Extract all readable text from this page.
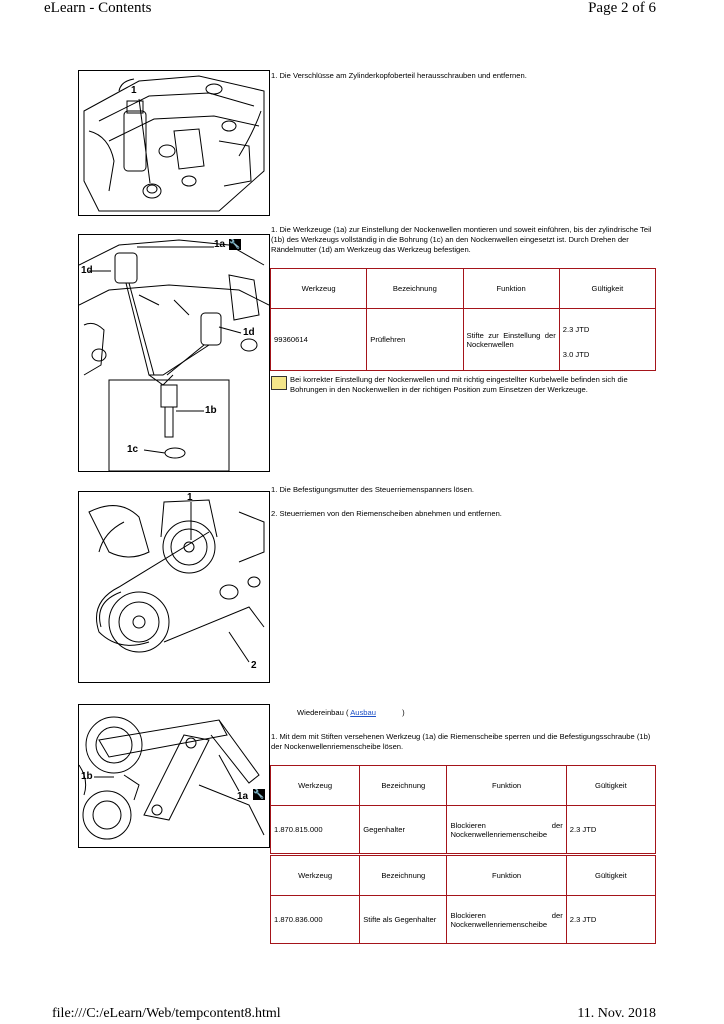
eLearn - Contents	Page 2 of 6
1
1. Die Verschlüsse am Zylinderkopfoberteil herausschrauben und entfernen.
1a 🔧
1d
1d
1b
1c
1. Die Werkzeuge (1a) zur Einstellung der Nockenwellen montieren und soweit einführen, bis der zylindrische Teil (1b) des Werkzeugs vollständig in die Bohrung (1c) an den Nockenwellen eingesetzt ist. Durch Drehen der Rändelmutter (1d) am Werkzeug das Werkzeug befestigen.
Werkzeug	Bezeichnung	Funktion	Gültigkeit
99360614	Prüflehren	Stifte zur Einstellung der Nockenwellen	2.3 JTD
3.0 JTD
Bei korrekter Einstellung der Nockenwellen und mit richtig eingestellter Kurbelwelle befinden sich die Bohrungen in den Nockenwellen in der richtigen Position zum Einsetzen der Werkzeuge.
1
2
1. Die Befestigungsmutter des Steuerriemenspanners lösen.
2. Steuerriemen von den Riemenscheiben abnehmen und entfernen.
1b
1a 🔧
Wiedereinbau ( Ausbau	)
1. Mit dem mit Stiften versehenen Werkzeug (1a) die Riemenscheibe sperren und die Befestigungsschraube (1b) der Nockenwellenriemenscheibe lösen.
Werkzeug	Bezeichnung	Funktion	Gültigkeit
1.870.815.000	Gegenhalter	Blockieren der Nockenwellenriemenscheibe	2.3 JTD
Werkzeug	Bezeichnung	Funktion	Gültigkeit
1.870.836.000	Stifte als Gegenhalter	Blockieren der Nockenwellenriemenscheibe	2.3 JTD
file:///C:/eLearn/Web/tempcontent8.html	11. Nov. 2018
